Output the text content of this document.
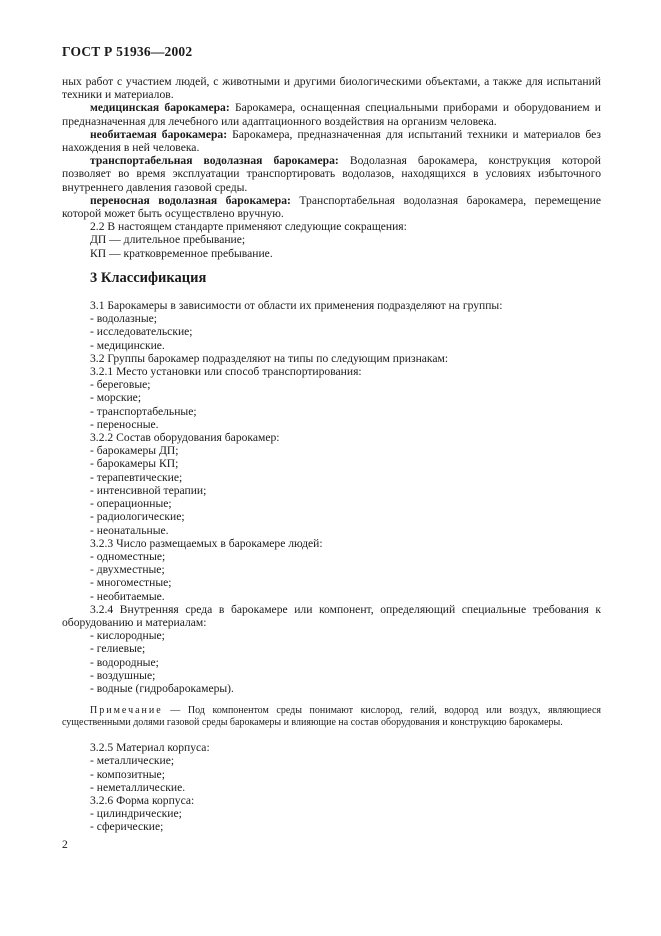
ГОСТ Р 51936—2002

ных работ с участием людей, с животными и другими биологическими объектами, а также для испытаний техники и материалов.

медицинская барокамера: Барокамера, оснащенная специальными приборами и оборудованием и предназначенная для лечебного или адаптационного воздействия на организм человека.

необитаемая барокамера: Барокамера, предназначенная для испытаний техники и материалов без нахождения в ней человека.

транспортабельная водолазная барокамера: Водолазная барокамера, конструкция которой позволяет во время эксплуатации транспортировать водолазов, находящихся в условиях избыточного внутреннего давления газовой среды.

переносная водолазная барокамера: Транспортабельная водолазная барокамера, перемещение которой может быть осуществлено вручную.

2.2 В настоящем стандарте применяют следующие сокращения:

ДП — длительное пребывание;

КП — кратковременное пребывание.

3 Классификация

3.1 Барокамеры в зависимости от области их применения подразделяют на группы:

- водолазные;

- исследовательские;

- медицинские.

3.2 Группы барокамер подразделяют на типы по следующим признакам:

3.2.1 Место установки или способ транспортирования:

- береговые;

- морские;

- транспортабельные;

- переносные.

3.2.2 Состав оборудования барокамер:

- барокамеры ДП;

- барокамеры КП;

- терапевтические;

- интенсивной терапии;

- операционные;

- радиологические;

- неонатальные.

3.2.3 Число размещаемых в барокамере людей:

- одноместные;

- двухместные;

- многоместные;

- необитаемые.

3.2.4 Внутренняя среда в барокамере или компонент, определяющий специальные требования к оборудованию и материалам:

- кислородные;

- гелиевые;

- водородные;

- воздушные;

- водные (гидробарокамеры).

Примечание — Под компонентом среды понимают кислород, гелий, водород или воздух, являющиеся существенными долями газовой среды барокамеры и влияющие на состав оборудования и конструкцию барокамеры.

3.2.5 Материал корпуса:

- металлические;

- композитные;

- неметаллические.

3.2.6 Форма корпуса:

- цилиндрические;

- сферические;

2
